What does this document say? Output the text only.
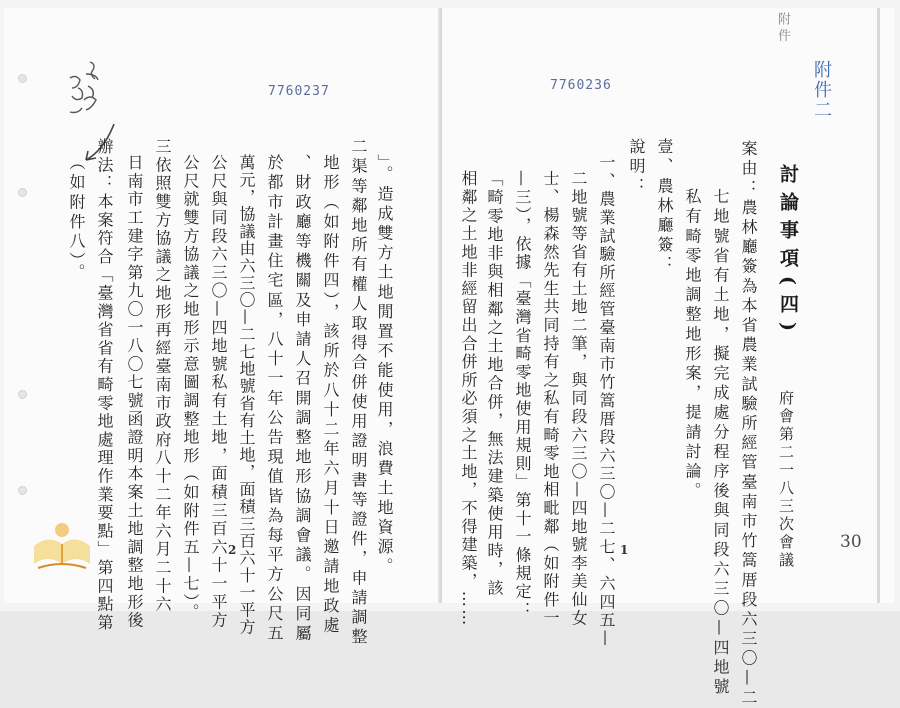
7760237
」。造成雙方土地閒置不能使用，浪費土地資源。
二渠等鄰地所有權人取得合併使用證明書等證件，申請調整
地形（如附件四），該所於八十二年六月十日邀請地政處
、財政廳等機關及申請人召開調整地形協調會議。因同屬
於都市計畫住宅區，八十一年公告現值皆為每平方公尺五
萬元，協議由六三〇—二七地號省有土地，面積三百六十一平方
公尺與同段六三〇—四地號私有土地，面積三百六十一平方
公尺就雙方協議之地形示意圖調整地形（如附件五—七）。
三依照雙方協議之地形再經臺南市政府八十二年六月二十六
日南市工建字第九〇一八〇七號函證明本案土地調整地形後
辦法：本案符合「臺灣省省有畸零地處理作業要點」第四點第
（如附件八）。
2
7760236	附件二
附件
討論事項(四)
府會第二一八三次會議
案由：農林廳簽為本省農業試驗所經管臺南市竹篙厝段六三〇—二
七地號省有土地，擬完成處分程序後與同段六三〇—四地號
私有畸零地調整地形案，提請討論。
壹、農林廳簽：
說明：
一、農業試驗所經管臺南市竹篙厝段六三〇—二七、六四五—
二地號等省有土地二筆，與同段六三〇—四地號李美仙女
士、楊森然先生共同持有之私有畸零地相毗鄰（如附件一
—三），依據「臺灣省畸零地使用規則」第十一條規定：
「畸零地非與相鄰之土地合併，無法建築使用時，該
相鄰之土地非經留出合併所必須之土地，不得建築，……	1	30
